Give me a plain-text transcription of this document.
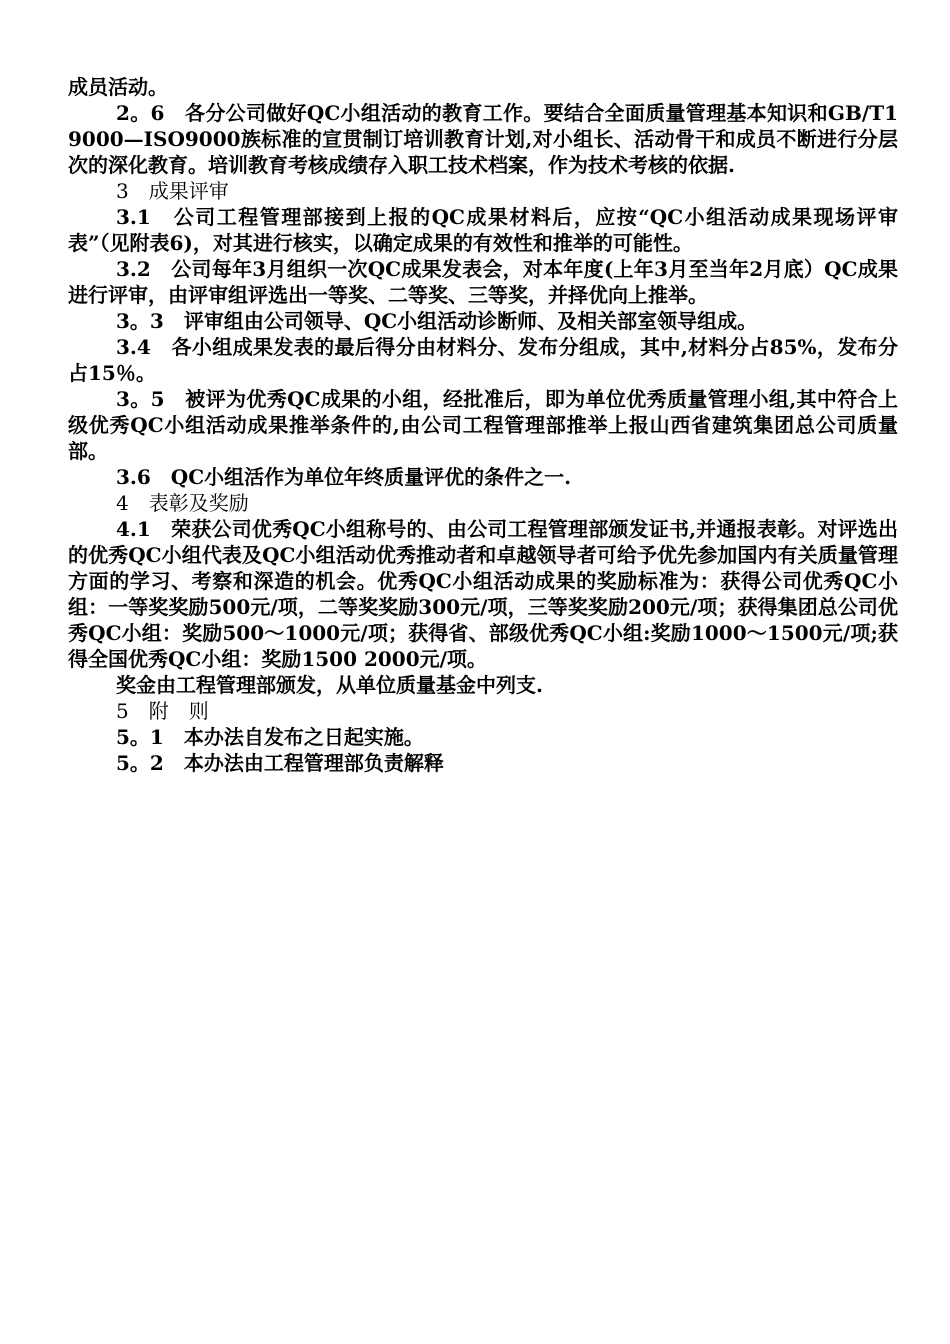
成员活动。

2。6　各分公司做好QC小组活动的教育工作。要结合全面质量管理基本知识和GB/T19000—ISO9000族标准的宣贯制订培训教育计划,对小组长、活动骨干和成员不断进行分层次的深化教育。培训教育考核成绩存入职工技术档案，作为技术考核的依据.

3　成果评审

3.1　公司工程管理部接到上报的QC成果材料后，应按“QC小组活动成果现场评审表”（见附表6)，对其进行核实，以确定成果的有效性和推举的可能性。

3.2　公司每年3月组织一次QC成果发表会，对本年度(上年3月至当年2月底）QC成果进行评审，由评审组评选出一等奖、二等奖、三等奖，并择优向上推举。

3。3　评审组由公司领导、QC小组活动诊断师、及相关部室领导组成。

3.4　各小组成果发表的最后得分由材料分、发布分组成，其中,材料分占85%，发布分占15％。

3。5　被评为优秀QC成果的小组，经批准后，即为单位优秀质量管理小组,其中符合上级优秀QC小组活动成果推举条件的,由公司工程管理部推举上报山西省建筑集团总公司质量部。

3.6　QC小组活作为单位年终质量评优的条件之一.

4　表彰及奖励

4.1　荣获公司优秀QC小组称号的、由公司工程管理部颁发证书,并通报表彰。对评选出的优秀QC小组代表及QC小组活动优秀推动者和卓越领导者可给予优先参加国内有关质量管理方面的学习、考察和深造的机会。优秀QC小组活动成果的奖励标准为：获得公司优秀QC小组：一等奖奖励500元/项，二等奖奖励300元/项，三等奖奖励200元/项；获得集团总公司优秀QC小组：奖励500～1000元/项；获得省、部级优秀QC小组:奖励1000～1500元/项;获得全国优秀QC小组：奖励1500 2000元/项。

奖金由工程管理部颁发，从单位质量基金中列支.

5　附　则

5。1　本办法自发布之日起实施。

5。2　本办法由工程管理部负责解释
